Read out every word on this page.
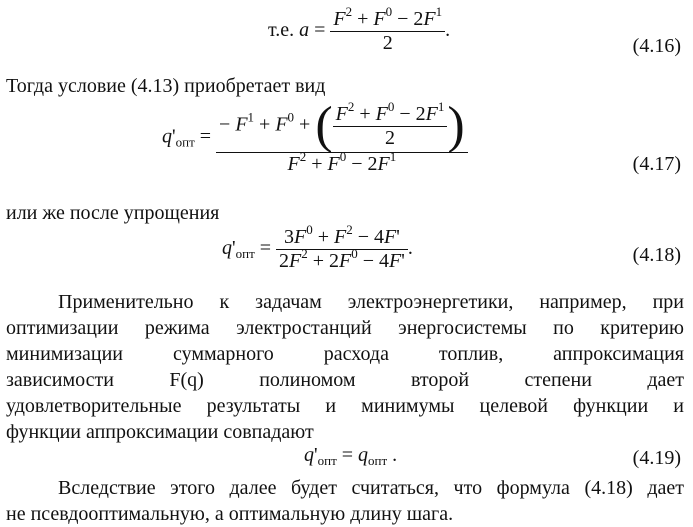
т.е. $a = \frac{F^2 + F^0 - 2F^1}{2}$ .
(4.16)
Тогда условие (4.13) приобретает вид
$q'_{опт} = \frac{- F^1 + F^0 + ( \frac{F^2 + F^0 - 2F^1}{2} )}{F^2 + F^0 - 2F^1}$	(4.17)
или же после упрощения
$q'_{опт} = \frac{3F^0 + F^2 - 4F'}{2F^2 + 2F^0 - 4F'}$ .	(4.18)
Применительно к задачам электроэнергетики, например, при
оптимизации режима электростанций энергосистемы по критерию
минимизации суммарного расхода топлив, аппроксимация
зависимости F(q) полиномом второй степени дает
удовлетворительные результаты и минимумы целевой функции и
функции аппроксимации совпадают
$q'_{опт} = q_{опт}$ .	(4.19)
Вследствие этого далее будет считаться, что формула (4.18) дает
не псевдооптимальную, а оптимальную длину шага.
